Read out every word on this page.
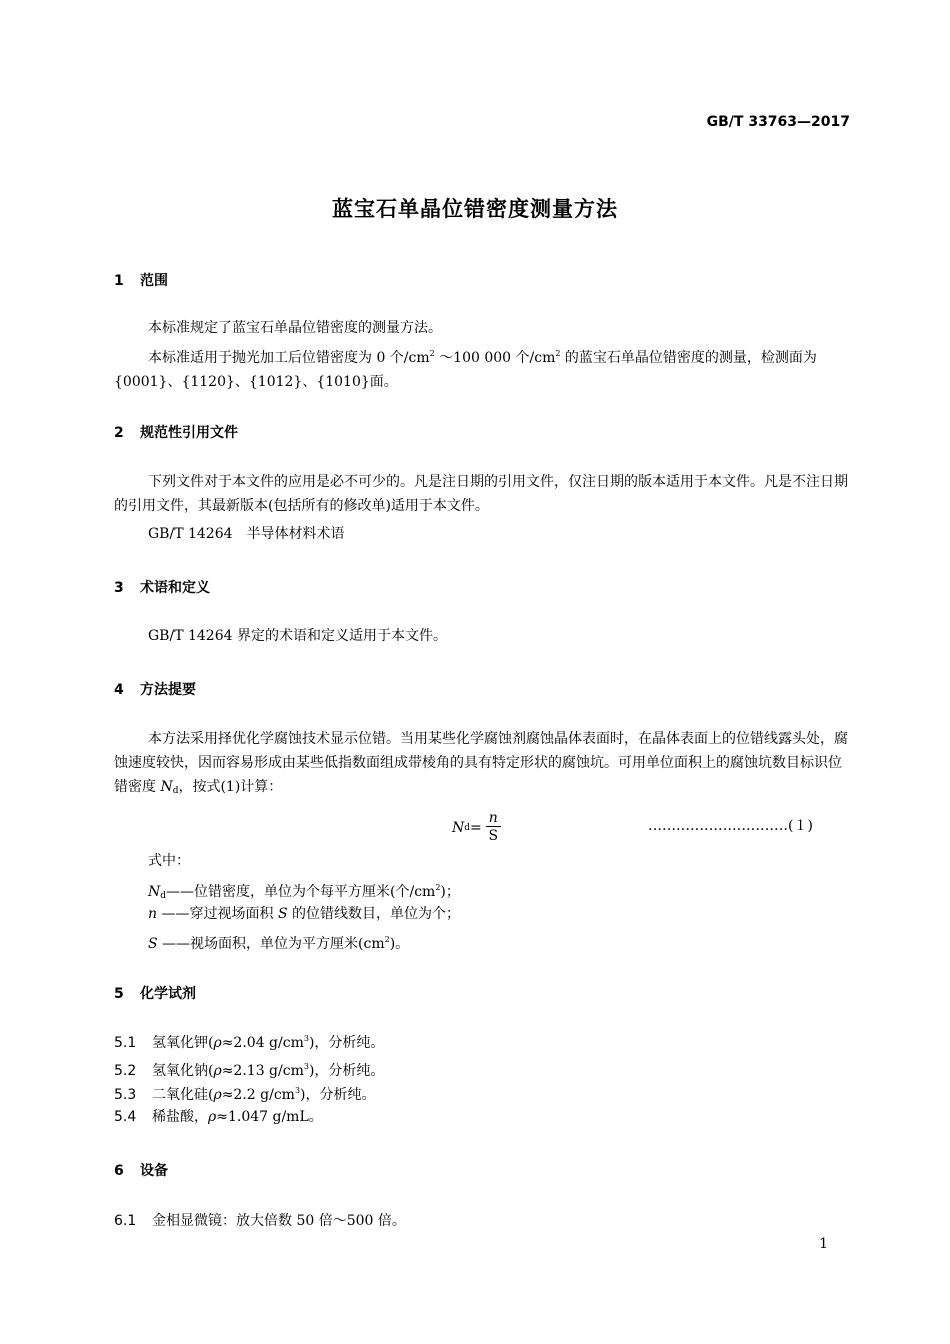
GB/T 33763—2017
蓝宝石单晶位错密度测量方法
1 范围
本标准规定了蓝宝石单晶位错密度的测量方法。
本标准适用于抛光加工后位错密度为 0 个$/cm^2$ ～100 000 个$/cm^2$ 的蓝宝石单晶位错密度的测量，检测面为{0001}、{1120}、{1012}、{1010}面。
2 规范性引用文件
下列文件对于本文件的应用是必不可少的。凡是注日期的引用文件，仅注日期的版本适用于本文件。凡是不注日期的引用文件，其最新版本(包括所有的修改单)适用于本文件。
GB/T 14264　半导体材料术语
3 术语和定义
GB/T 14264 界定的术语和定义适用于本文件。
4 方法提要
本方法采用择优化学腐蚀技术显示位错。当用某些化学腐蚀剂腐蚀晶体表面时，在晶体表面上的位错线露头处，腐蚀速度较快，因而容易形成由某些低指数面组成带棱角的具有特定形状的腐蚀坑。可用单位面积上的腐蚀坑数目标识位错密度 $N_d$，按式(1)计算：
N $d = \frac{n}{S}$	…………………………(１)
式中：
$N_d——$位错密度，单位为个每平方厘米(个$/cm^2$)；
n ——穿过视场面积 S 的位错线数目，单位为个；
S ——视场面积，单位为平方厘米$(cm^2)$。
5 化学试剂
5.1 氢氧化钾(ρ≈2.04 $g/cm^3$)，分析纯。
5.2 氢氧化钠(ρ≈2.13 $g/cm^3$)，分析纯。
5.3 二氧化硅(ρ≈2.2 $g/cm^3$)，分析纯。
5.4 稀盐酸，ρ≈1.047 g/mL。
6 设备
6.1 金相显微镜：放大倍数 50 倍～500 倍。
1
